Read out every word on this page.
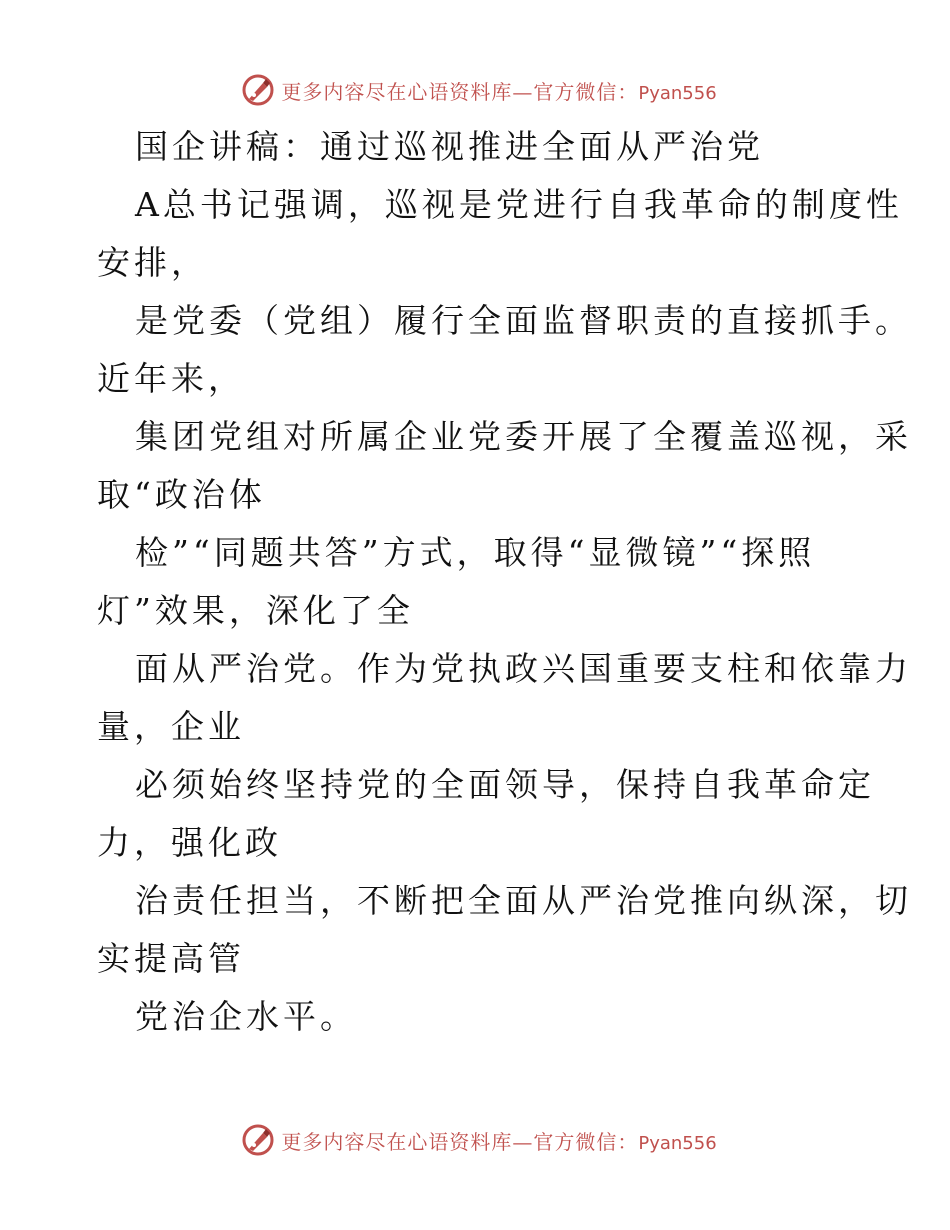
更多内容尽在心语资料库—官方微信：Pyan556
国企讲稿：通过巡视推进全面从严治党
A总书记强调，巡视是党进行自我革命的制度性
安排，
是党委（党组）履行全面监督职责的直接抓手。
近年来，
集团党组对所属企业党委开展了全覆盖巡视，采
取“政治体
检”“同题共答”方式，取得“显微镜”“探照
灯”效果，深化了全
面从严治党。作为党执政兴国重要支柱和依靠力
量，企业
必须始终坚持党的全面领导，保持自我革命定
力，强化政
治责任担当，不断把全面从严治党推向纵深，切
实提高管
党治企水平。
更多内容尽在心语资料库—官方微信：Pyan556
